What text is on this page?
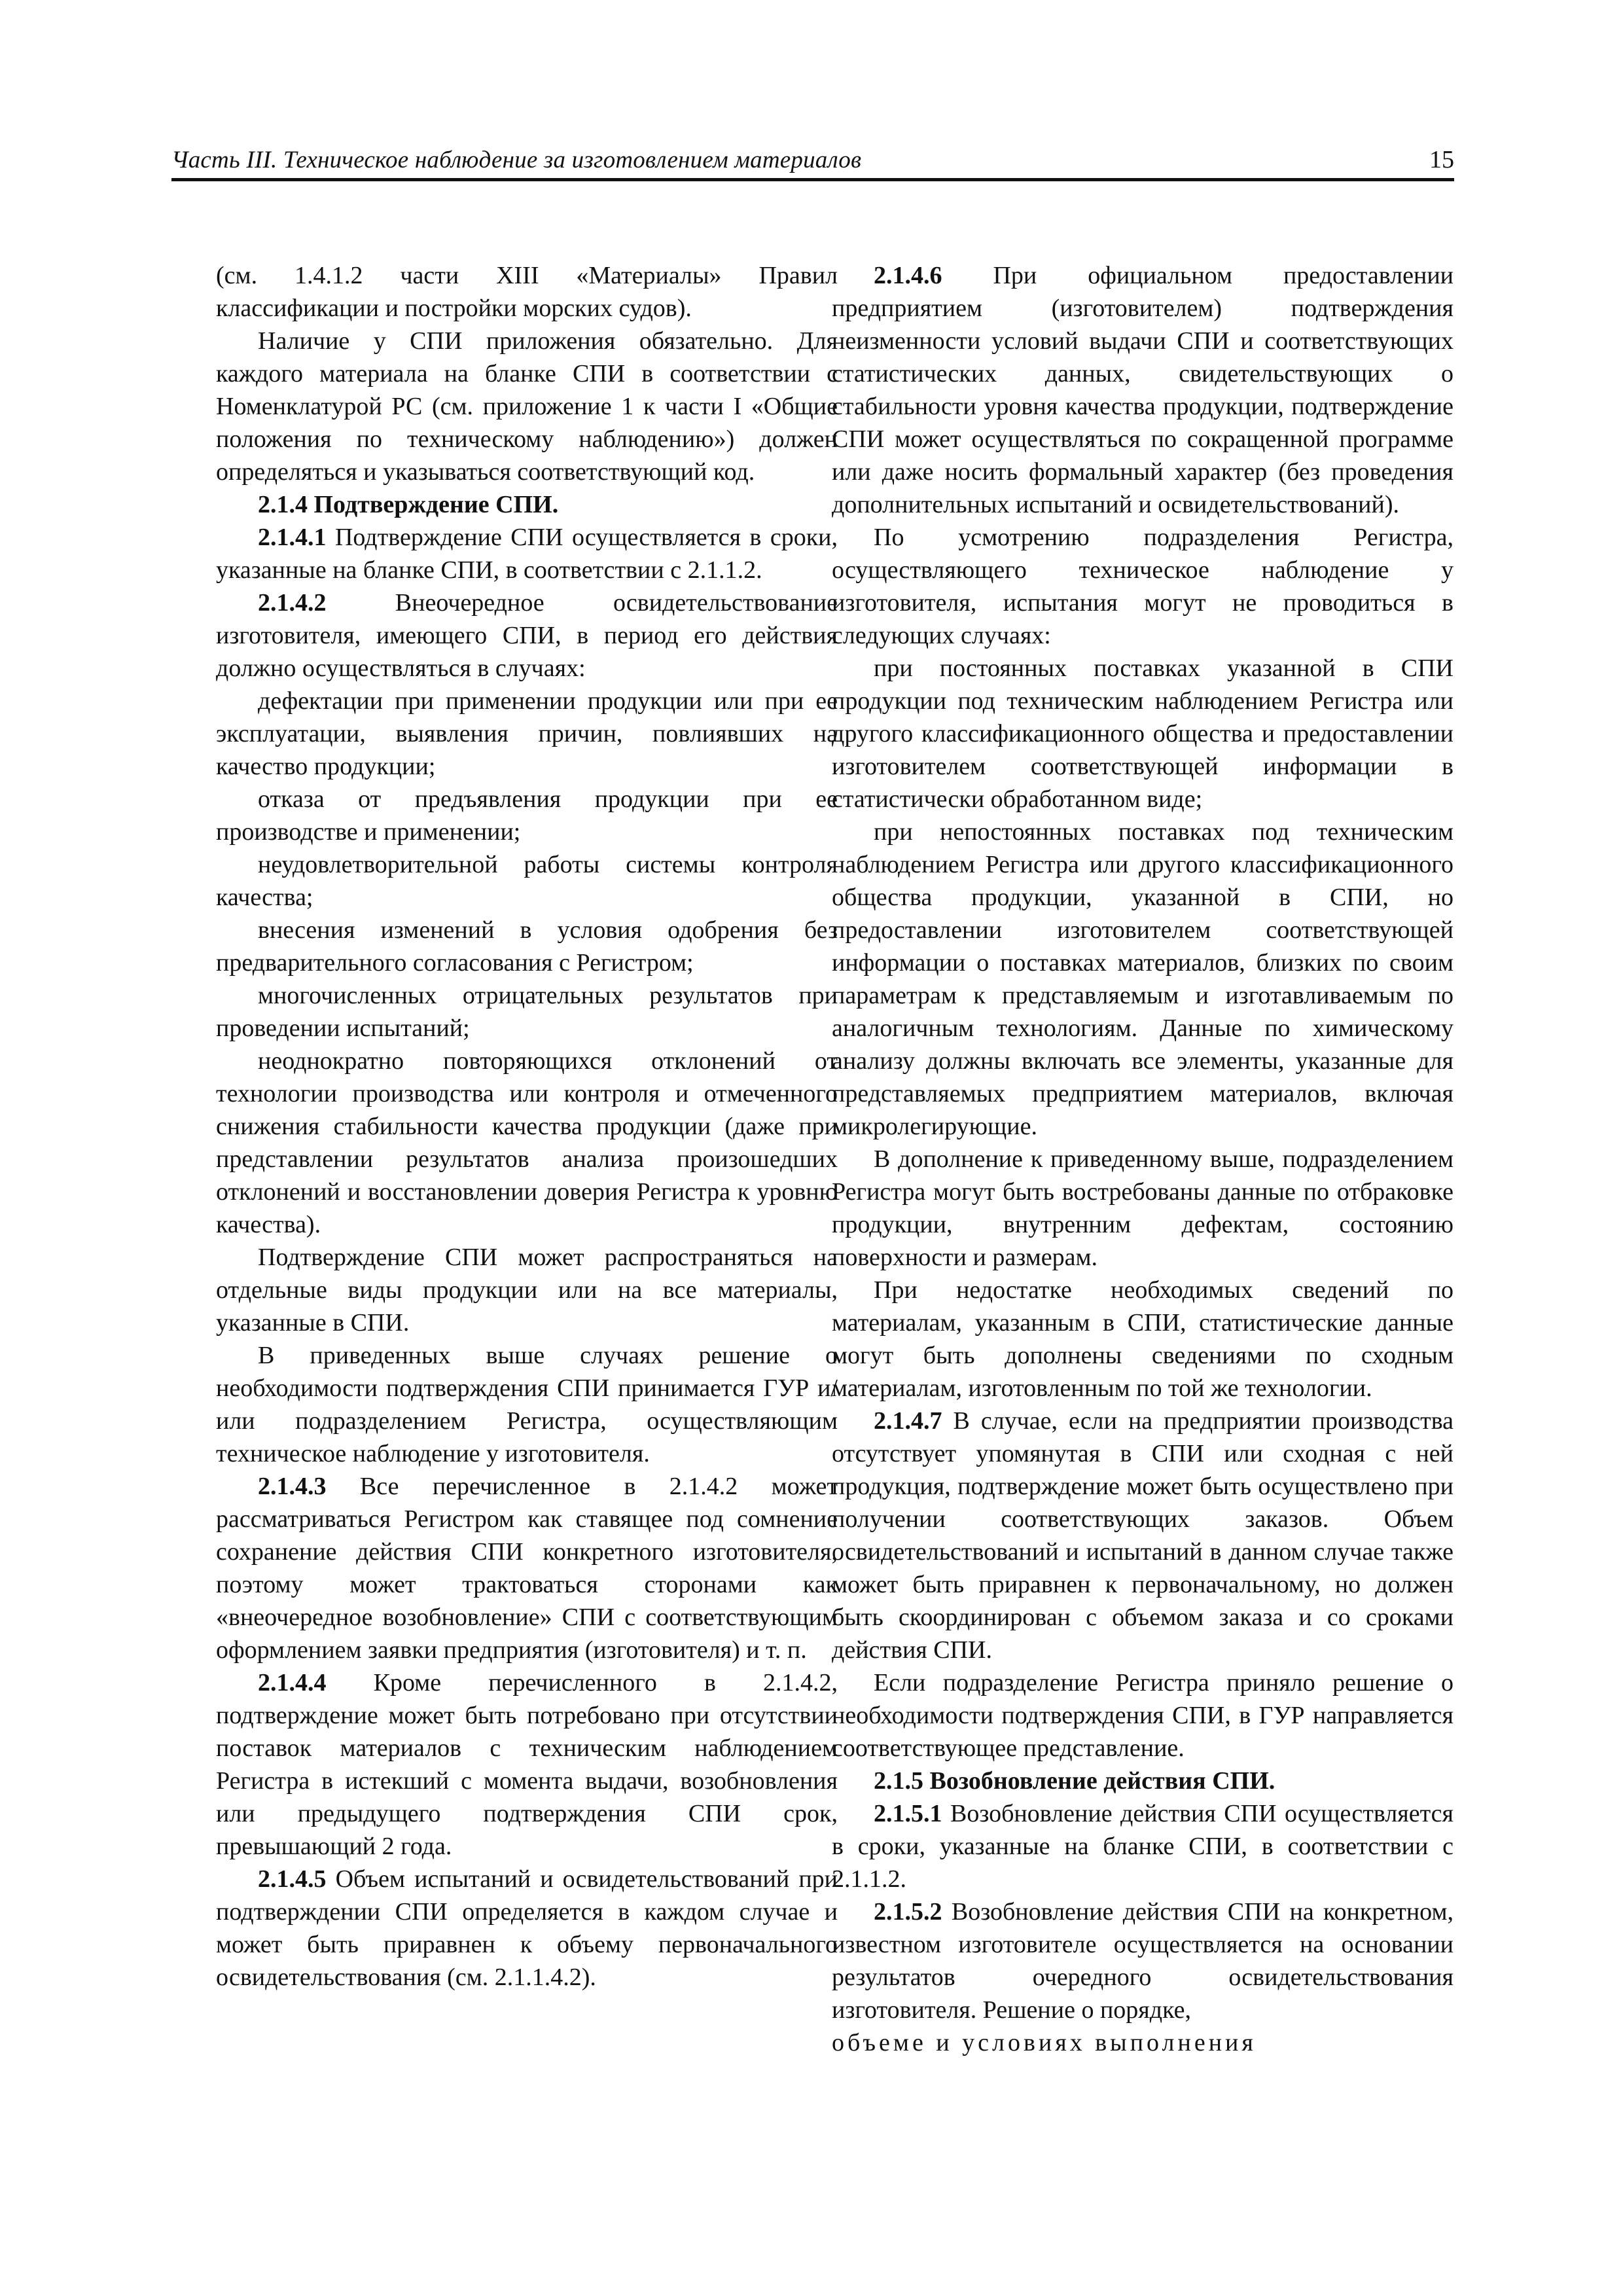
Часть III. Техническое наблюдение за изготовлением материалов	15

(см. 1.4.1.2 части XIII «Материалы» Правил классификации и постройки морских судов).

Наличие у СПИ приложения обязательно. Для каждого материала на бланке СПИ в соответствии с Номенклатурой РС (см. приложение 1 к части I «Общие положения по техническому наблюдению») должен определяться и указываться соответствующий код.

2.1.4 Подтверждение СПИ.

2.1.4.1 Подтверждение СПИ осуществляется в сроки, указанные на бланке СПИ, в соответствии с 2.1.1.2.

2.1.4.2	Внеочередное освидетельствование изготовителя, имеющего СПИ, в период его действия должно осуществляться в случаях:

дефектации при применении продукции или при ее эксплуатации, выявления причин, повлиявших на качество продукции;

отказа от предъявления продукции при ее производстве и применении;

неудовлетворительной работы системы контроля качества;

внесения изменений в условия одобрения без предварительного согласования с Регистром;

многочисленных отрицательных результатов при проведении испытаний;

неоднократно повторяющихся отклонений от технологии производства или контроля и отмеченного снижения стабильности качества продукции (даже при представлении результатов анализа произошедших отклонений и восстановлении доверия Регистра к уровню качества).

Подтверждение СПИ может распространяться на отдельные виды продукции или на все материалы, указанные в СПИ.

В приведенных выше случаях решение о необходимости подтверждения СПИ принимается ГУР и/или подразделением Регистра, осуществляющим техническое наблюдение у изготовителя.

2.1.4.3 Все перечисленное в 2.1.4.2 может рассматриваться Регистром как ставящее под сомнение сохранение действия СПИ конкретного изготовителя, поэтому может трактоваться сторонами как «внеочередное возобновление» СПИ с соответствующим оформлением заявки предприятия (изготовителя) и т. п.

2.1.4.4 Кроме перечисленного в 2.1.4.2, подтверждение может быть потребовано при отсутствии поставок материалов с техническим наблюдением Регистра в истекший с момента выдачи, возобновления или предыдущего подтверждения СПИ срок, превышающий 2 года.

2.1.4.5 Объем испытаний и освидетельствований при подтверждении СПИ определяется в каждом случае и может быть приравнен к объему первоначального освидетельствования (см. 2.1.1.4.2).

2.1.4.6 При официальном предоставлении предприятием (изготовителем) подтверждения неизменности условий выдачи СПИ и соответствующих статистических данных, свидетельствующих о стабильности уровня качества продукции, подтверждение СПИ может осуществляться по сокращенной программе или даже носить формальный характер (без проведения дополнительных испытаний и освидетельствований).

По усмотрению подразделения Регистра, осуществляющего техническое наблюдение у изготовителя, испытания могут не проводиться в следующих случаях:

при постоянных поставках указанной в СПИ продукции под техническим наблюдением Регистра или другого классификационного общества и предоставлении изготовителем соответствующей информации в статистически обработанном виде;

при непостоянных поставках под техническим наблюдением Регистра или другого классификационного общества продукции, указанной в СПИ, но предоставлении изготовителем соответствующей информации о поставках материалов, близких по своим параметрам к представляемым и изготавливаемым по аналогичным технологиям. Данные по химическому анализу должны включать все элементы, указанные для представляемых предприятием материалов, включая микролегирующие.

В дополнение к приведенному выше, подразделением Регистра могут быть востребованы данные по отбраковке продукции, внутренним дефектам, состоянию поверхности и размерам.

При недостатке необходимых сведений по материалам, указанным в СПИ, статистические данные могут быть дополнены сведениями по сходным материалам, изготовленным по той же технологии.

2.1.4.7 В случае, если на предприятии производства отсутствует упомянутая в СПИ или сходная с ней продукция, подтверждение может быть осуществлено при получении соответствующих заказов. Объем освидетельствований и испытаний в данном случае также может быть приравнен к первоначальному, но должен быть скоординирован с объемом заказа и со сроками действия СПИ.

Если подразделение Регистра приняло решение о необходимости подтверждения СПИ, в ГУР направляется соответствующее представление.

2.1.5 Возобновление действия СПИ.

2.1.5.1 Возобновление действия СПИ осуществляется в сроки, указанные на бланке СПИ, в соответствии с 2.1.1.2.

2.1.5.2 Возобновление действия СПИ на конкретном, известном изготовителе осуществляется на основании результатов очередного освидетельствования изготовителя. Решение о порядке,

объеме и условиях выполнения
